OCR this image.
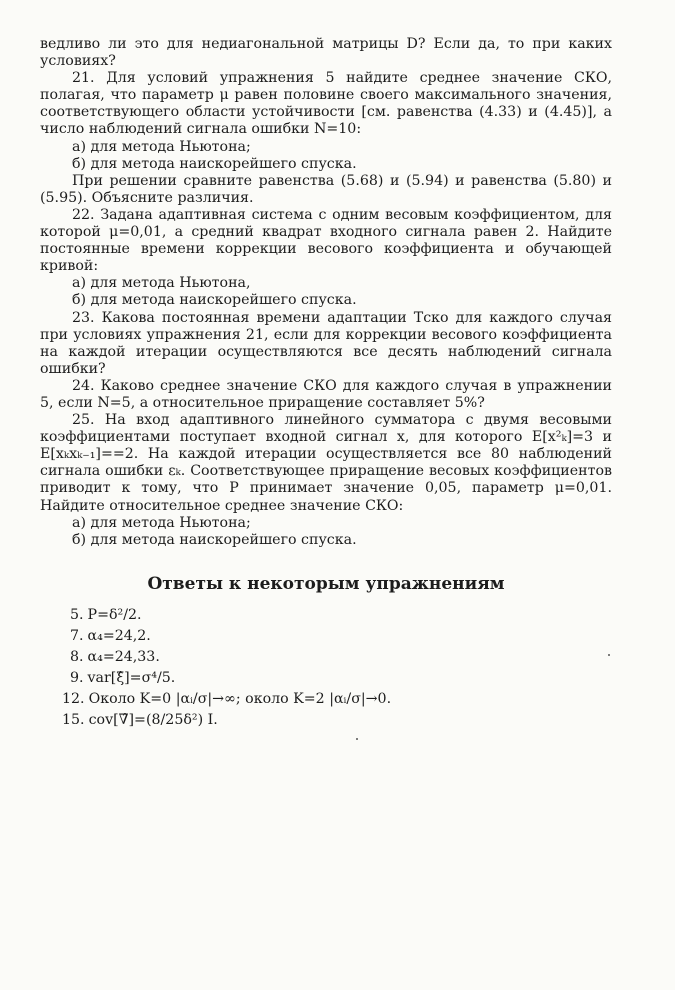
ведливо ли это для недиагональной матрицы D? Если да, то при каких условиях?

21. Для условий упражнения 5 найдите среднее значение СКО, полагая, что параметр μ равен половине своего максимального значения, соответствующего области устойчивости [см. равенства (4.33) и (4.45)], а число наблюдений сигнала ошибки N=10:

а) для метода Ньютона;

б) для метода наискорейшего спуска.

При решении сравните равенства (5.68) и (5.94) и равенства (5.80) и (5.95). Объясните различия.

22. Задана адаптивная система с одним весовым коэффициентом, для которой μ=0,01, а средний квадрат входного сигнала равен 2. Найдите постоянные времени коррекции весового коэффициента и обучающей кривой:

а) для метода Ньютона,

б) для метода наискорейшего спуска.

23. Какова постоянная времени адаптации Tско для каждого случая при условиях упражнения 21, если для коррекции весового коэффициента на каждой итерации осуществляются все десять наблюдений сигнала ошибки?

24. Каково среднее значение СКО для каждого случая в упражнении 5, если N=5, а относительное приращение составляет 5%?

25. На вход адаптивного линейного сумматора с двумя весовыми коэффициентами поступает входной сигнал x, для которого E[x²ₖ]=3 и E[xₖxₖ₋₁]==2. На каждой итерации осуществляется все 80 наблюдений сигнала ошибки εₖ. Соответствующее приращение весовых коэффициентов приводит к тому, что P принимает значение 0,05, параметр μ=0,01. Найдите относительное среднее значение СКО:

а) для метода Ньютона;

б) для метода наискорейшего спуска.

Ответы к некоторым упражнениям
5. P=δ²/2.
7. α₄=24,2.
8. α₄=24,33.
9. var[ξ̂]=σ⁴/5.
12. Около K=0 |αᵢ/σ|→∞; около K=2 |αᵢ/σ|→0.
15. cov[∇̂]=(8/25δ²) I.
